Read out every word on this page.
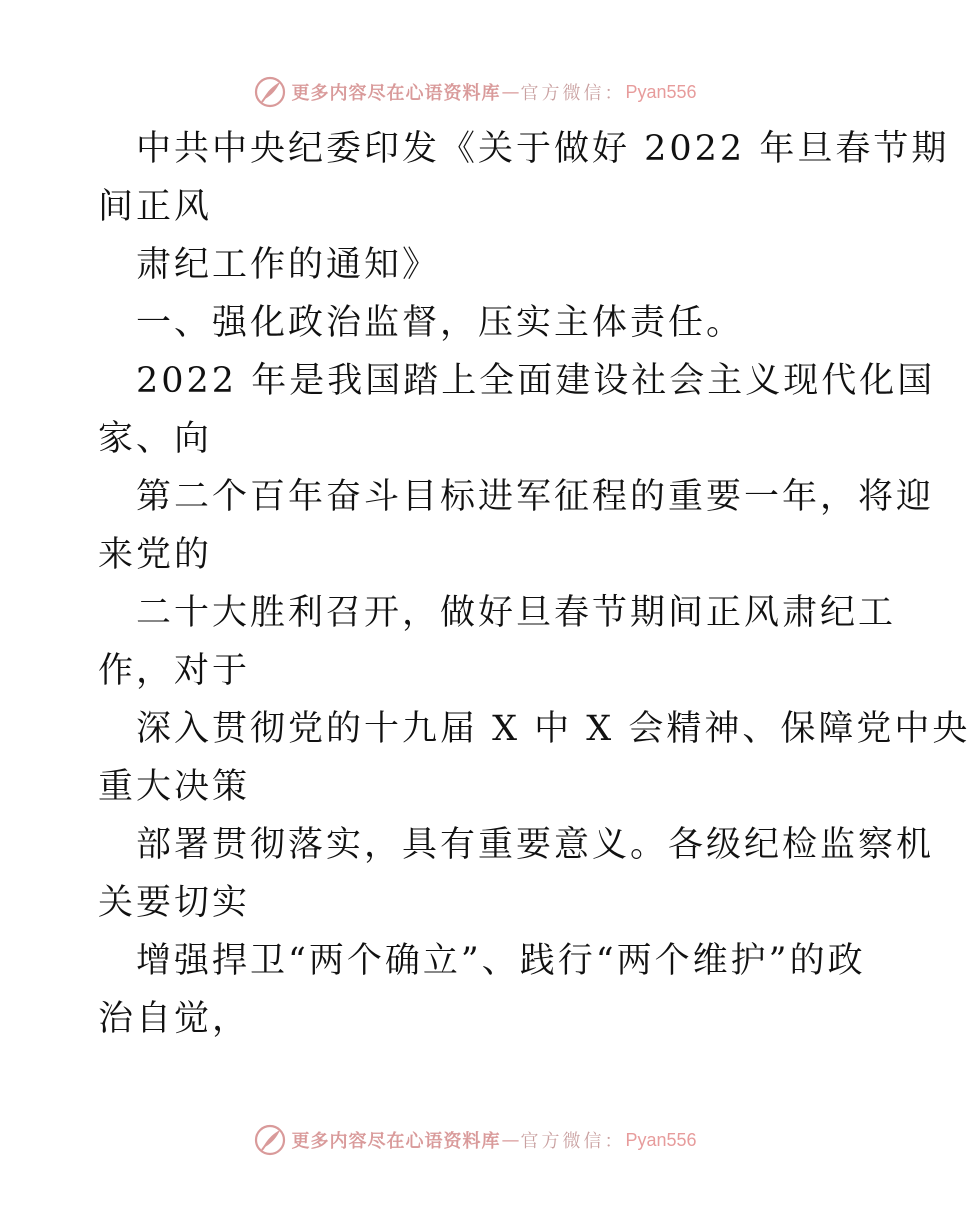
更多内容尽在心语资料库 — 官方微信： Pyan556
中共中央纪委印发《关于做好 2022 年旦春节期
间正风
肃纪工作的通知》
一、强化政治监督，压实主体责任。
2022 年是我国踏上全面建设社会主义现代化国
家、向
第二个百年奋斗目标进军征程的重要一年，将迎
来党的
二十大胜利召开，做好旦春节期间正风肃纪工
作，对于
深入贯彻党的十九届 X 中 X 会精神、保障党中央
重大决策
部署贯彻落实，具有重要意义。各级纪检监察机
关要切实
增强捍卫“两个确立”、践行“两个维护”的政
治自觉，
更多内容尽在心语资料库 — 官方微信： Pyan556
